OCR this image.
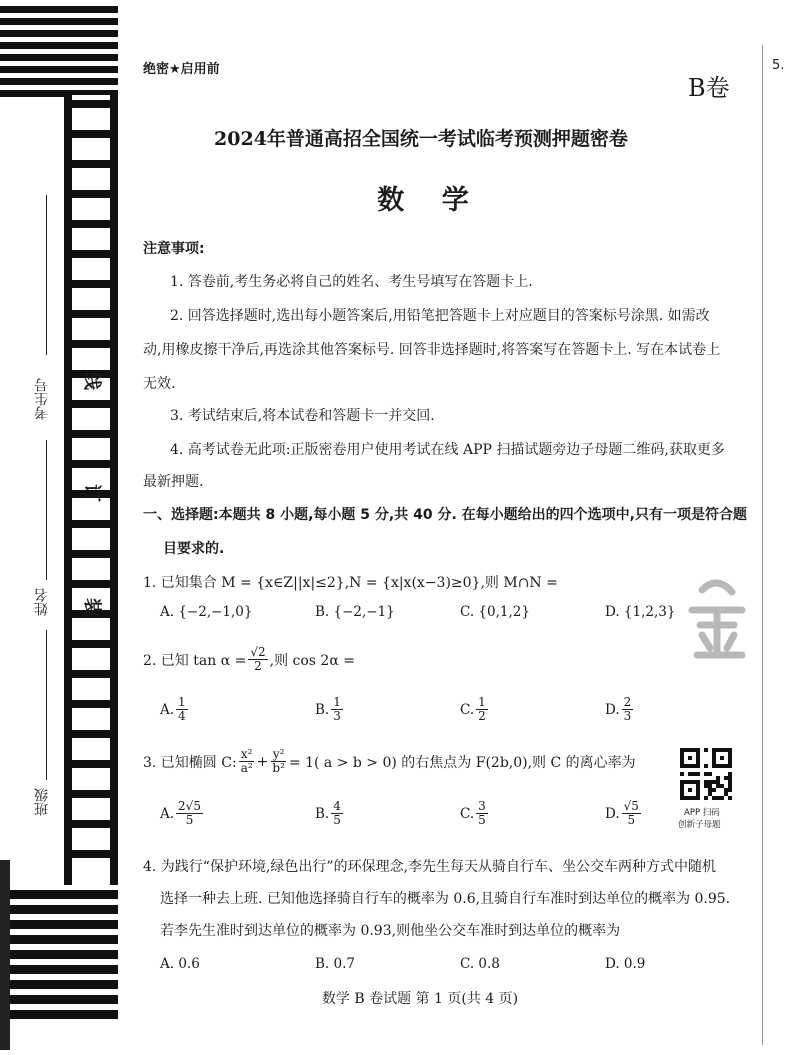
考生号
姓名
班级
线
订
装
5.
绝密★启用前
B卷
2024年普通高招全国统一考试临考预测押题密卷
数 学
注意事项:
1. 答卷前,考生务必将自己的姓名、考生号填写在答题卡上.
2. 回答选择题时,选出每小题答案后,用铅笔把答题卡上对应题目的答案标号涂黑. 如需改
动,用橡皮擦干净后,再选涂其他答案标号. 回答非选择题时,将答案写在答题卡上. 写在本试卷上
无效.
3. 考试结束后,将本试卷和答题卡一并交回.
4. 高考试卷无此项:正版密卷用户使用考试在线 APP 扫描试题旁边子母题二维码,获取更多
最新押题.
一、选择题:本题共 8 小题,每小题 5 分,共 40 分. 在每小题给出的四个选项中,只有一项是符合题
目要求的.
1. 已知集合 M = {x∈Z||x|≤2},N = {x|x(x−3)≥0},则 M∩N =
A. {−2,−1,0}	B. {−2,−1}	C. {0,1,2}	D. {1,2,3}
2. 已知 $\tan \alpha = \frac{√2}{2}$ ,则 cos 2α =
A. $\frac{1}{4}$	B. $\frac{1}{3}$	C. $\frac{1}{2}$	D. $\frac{2}{3}$
3. 已知椭圆 C: $\frac{\text{x²}}{\text{a²}} + \frac{\text{y²}}{\text{b²}} = 1$( a > b > 0) 的右焦点为 F(2b,0),则 C 的离心率为
APP 扫码
创新子母题
A. $\frac{2√5}{5}$	B. $\frac{4}{5}$	C. $\frac{3}{5}$	D. $\frac{√5}{5}$
4. 为践行“保护环境,绿色出行”的环保理念,李先生每天从骑自行车、坐公交车两种方式中随机
选择一种去上班. 已知他选择骑自行车的概率为 0.6,且骑自行车准时到达单位的概率为 0.95.
若李先生准时到达单位的概率为 0.93,则他坐公交车准时到达单位的概率为
A. 0.6	B. 0.7	C. 0.8	D. 0.9
数学 B 卷试题 第 1 页(共 4 页)
